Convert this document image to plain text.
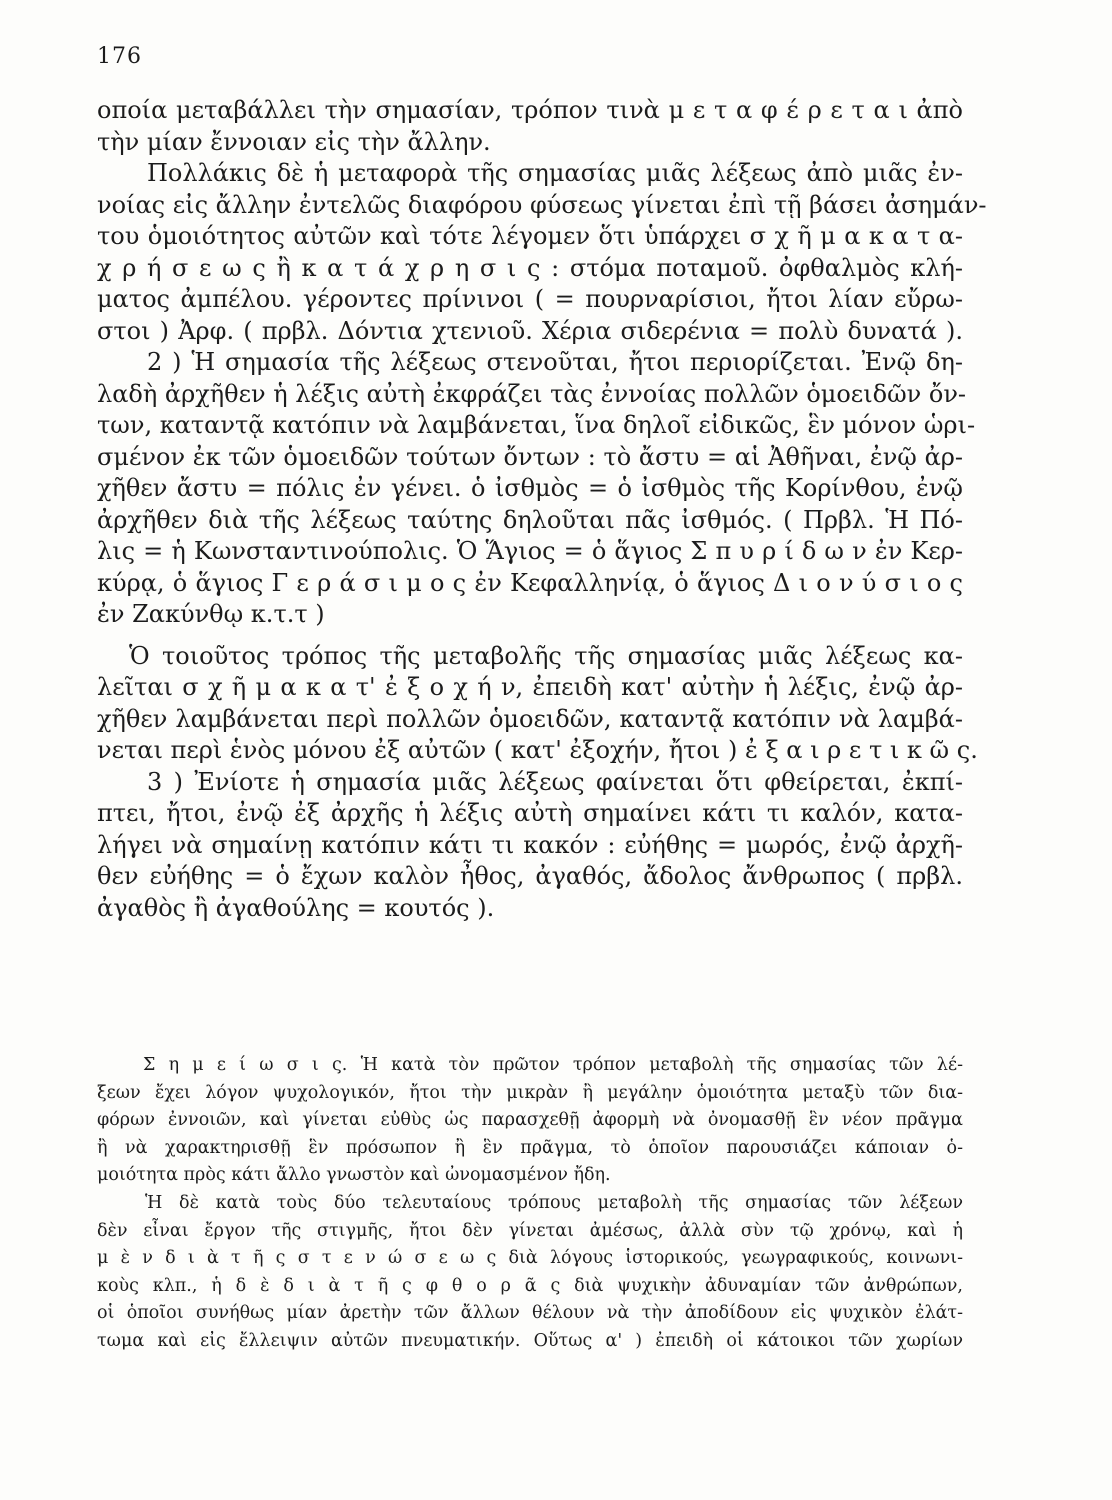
176
οποία μεταβάλλει τὴν σημασίαν, τρόπον τινὰ μ ε τ α φ έ ρ ε τ α ι ἀπὸ
τὴν μίαν ἔννοιαν εἰς τὴν ἄλλην.
Πολλάκις δὲ ἡ μεταφορὰ τῆς σημασίας μιᾶς λέξεως ἀπὸ μιᾶς ἐν-
νοίας εἰς ἄλλην ἐντελῶς διαφόρου φύσεως γίνεται ἐπὶ τῇ βάσει ἀσημάν-
του ὁμοιότητος αὐτῶν καὶ τότε λέγομεν ὅτι ὑπάρχει σ χ ῆ μ α κ α τ α-
χ ρ ή σ ε ω ς ἢ κ α τ ά χ ρ η σ ι ς : στόμα ποταμοῦ. ὀφθαλμὸς κλή-
ματος ἀμπέλου. γέροντες πρίνινοι ( = πουρναρίσιοι, ἤτοι λίαν εὔρω-
στοι ) Ἀρφ. ( πρβλ. Δόντια χτενιοῦ. Χέρια σιδερένια = πολὺ δυνατά ).
2 ) Ἡ σημασία τῆς λέξεως στενοῦται, ἤτοι περιορίζεται. Ἐνῷ δη-
λαδὴ ἀρχῆθεν ἡ λέξις αὐτὴ ἐκφράζει τὰς ἐννοίας πολλῶν ὁμοειδῶν ὄν-
των, καταντᾷ κατόπιν νὰ λαμβάνεται, ἵνα δηλοῖ εἰδικῶς, ἓν μόνον ὡρι-
σμένον ἐκ τῶν ὁμοειδῶν τούτων ὄντων : τὸ ἄστυ = αἱ Ἀθῆναι, ἐνῷ ἀρ-
χῆθεν ἄστυ = πόλις ἐν γένει. ὁ ἰσθμὸς = ὁ ἰσθμὸς τῆς Κορίνθου, ἐνῷ
ἀρχῆθεν διὰ τῆς λέξεως ταύτης δηλοῦται πᾶς ἰσθμός. ( Πρβλ. Ἡ Πό-
λις = ἡ Κωνσταντινούπολις. Ὁ Ἅγιος = ὁ ἅγιος Σ π υ ρ ί δ ω ν ἐν Κερ-
κύρᾳ, ὁ ἅγιος Γ ε ρ ά σ ι μ ο ς ἐν Κεφαλληνίᾳ, ὁ ἅγιος Δ ι ο ν ύ σ ι ο ς
ἐν Ζακύνθῳ κ.τ.τ )
Ὁ τοιοῦτος τρόπος τῆς μεταβολῆς τῆς σημασίας μιᾶς λέξεως κα-
λεῖται σ χ ῆ μ α κ α τ' ἐ ξ ο χ ή ν, ἐπειδὴ κατ' αὐτὴν ἡ λέξις, ἐνῷ ἀρ-
χῆθεν λαμβάνεται περὶ πολλῶν ὁμοειδῶν, καταντᾷ κατόπιν νὰ λαμβά-
νεται περὶ ἑνὸς μόνου ἐξ αὐτῶν ( κατ' ἐξοχήν, ἤτοι ) ἐ ξ α ι ρ ε τ ι κ ῶ ς.
3 ) Ἐνίοτε ἡ σημασία μιᾶς λέξεως φαίνεται ὅτι φθείρεται, ἐκπί-
πτει, ἤτοι, ἐνῷ ἐξ ἀρχῆς ἡ λέξις αὐτὴ σημαίνει κάτι τι καλόν, κατα-
λήγει νὰ σημαίνῃ κατόπιν κάτι τι κακόν : εὐήθης = μωρός, ἐνῷ ἀρχῆ-
θεν εὐήθης = ὁ ἔχων καλὸν ἦθος, ἀγαθός, ἄδολος ἄνθρωπος ( πρβλ.
ἀγαθὸς ἢ ἀγαθούλης = κουτός ).
Σ η μ ε ί ω σ ι ς. Ἡ κατὰ τὸν πρῶτον τρόπον μεταβολὴ τῆς σημασίας τῶν λέ-
ξεων ἔχει λόγον ψυχολογικόν, ἤτοι τὴν μικρὰν ἢ μεγάλην ὁμοιότητα μεταξὺ τῶν δια-
φόρων ἐννοιῶν, καὶ γίνεται εὐθὺς ὡς παρασχεθῇ ἀφορμὴ νὰ ὀνομασθῇ ἓν νέον πρᾶγμα
ἢ νὰ χαρακτηρισθῇ ἓν πρόσωπον ἢ ἓν πρᾶγμα, τὸ ὁποῖον παρουσιάζει κάποιαν ὁ-
μοιότητα πρὸς κάτι ἄλλο γνωστὸν καὶ ὠνομασμένον ἤδη.
Ἡ δὲ κατὰ τοὺς δύο τελευταίους τρόπους μεταβολὴ τῆς σημασίας τῶν λέξεων
δὲν εἶναι ἔργον τῆς στιγμῆς, ἤτοι δὲν γίνεται ἀμέσως, ἀλλὰ σὺν τῷ χρόνῳ, καὶ ἡ
μ ὲ ν δ ι ὰ τ ῆ ς σ τ ε ν ώ σ ε ω ς διὰ λόγους ἱστορικούς, γεωγραφικούς, κοινωνι-
κοὺς κλπ., ἡ δ ὲ δ ι ὰ τ ῆ ς φ θ ο ρ ᾶ ς διὰ ψυχικὴν ἀδυναμίαν τῶν ἀνθρώπων,
οἱ ὁποῖοι συνήθως μίαν ἀρετὴν τῶν ἄλλων θέλουν νὰ τὴν ἀποδίδουν εἰς ψυχικὸν ἐλάτ-
τωμα καὶ εἰς ἔλλειψιν αὐτῶν πνευματικήν. Οὕτως α' ) ἐπειδὴ οἱ κάτοικοι τῶν χωρίων
